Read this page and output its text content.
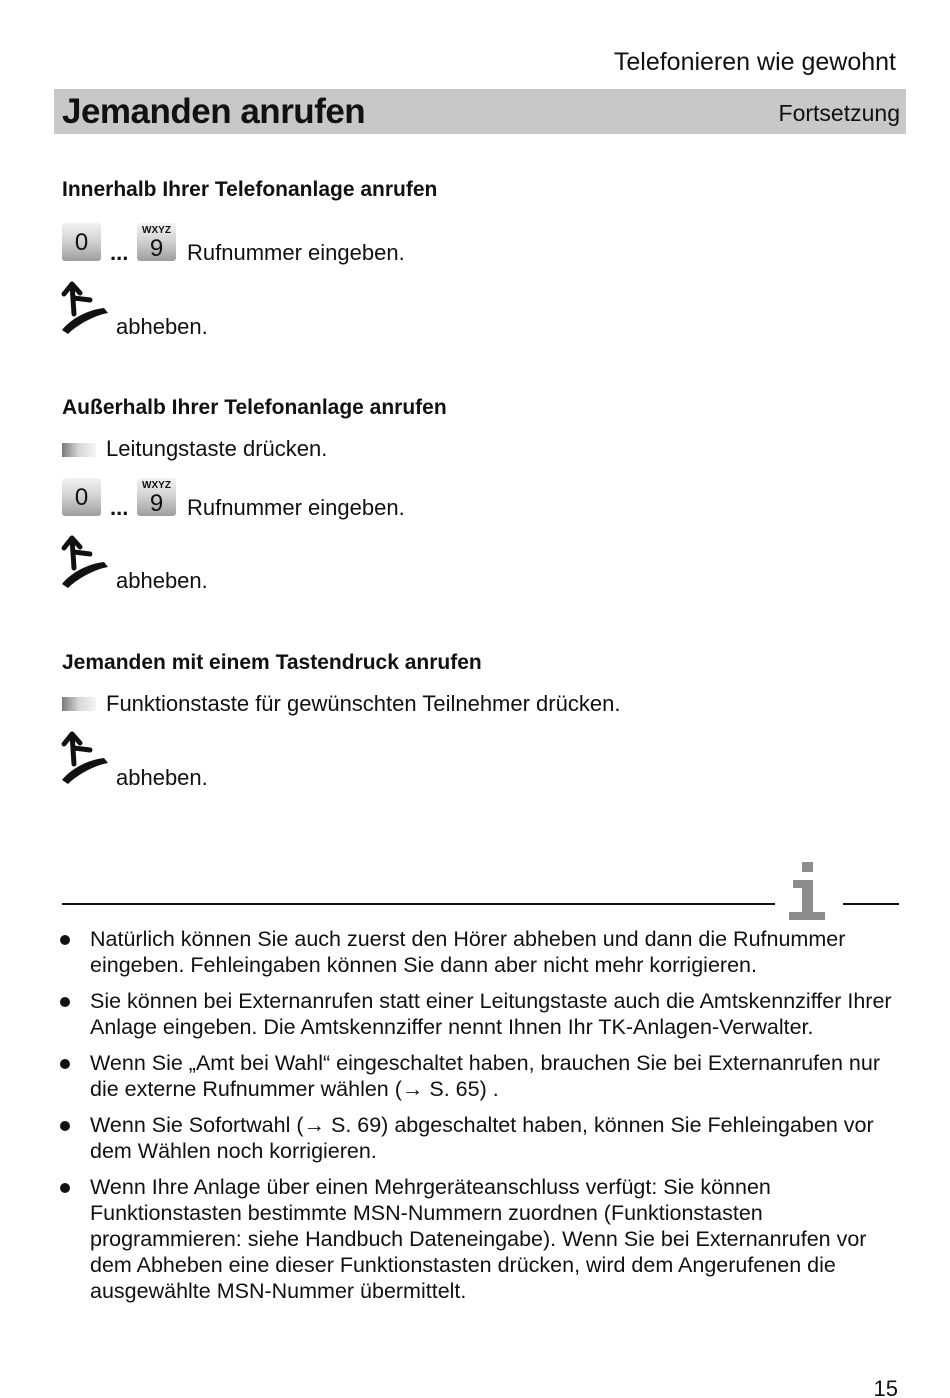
Telefonieren wie gewohnt
Jemanden anrufen	Fortsetzung
Innerhalb Ihrer Telefonanlage anrufen
0 ...
WXYZ
9	Rufnummer eingeben.
abheben.
Außerhalb Ihrer Telefonanlage anrufen
Leitungstaste drücken.
0 ...
WXYZ
9	Rufnummer eingeben.
abheben.
Jemanden mit einem Tastendruck anrufen
Funktionstaste für gewünschten Teilnehmer drücken.
abheben.
Natürlich können Sie auch zuerst den Hörer abheben und dann die Rufnummer eingeben. Fehleingaben können Sie dann aber nicht mehr korrigieren.
Sie können bei Externanrufen statt einer Leitungstaste auch die Amtskennziffer Ihrer Anlage eingeben. Die Amtskennziffer nennt Ihnen Ihr TK-Anlagen-Verwalter.
Wenn Sie „Amt bei Wahl“ eingeschaltet haben, brauchen Sie bei Externanrufen nur die externe Rufnummer wählen (→ S. 65) .
Wenn Sie Sofortwahl (→ S. 69) abgeschaltet haben, können Sie Fehleingaben vor dem Wählen noch korrigieren.
Wenn Ihre Anlage über einen Mehrgeräteanschluss verfügt: Sie können Funktionstasten bestimmte MSN-Nummern zuordnen (Funktionstasten programmieren: siehe Handbuch Dateneingabe). Wenn Sie bei Externanrufen vor dem Abheben eine dieser Funktionstasten drücken, wird dem Angerufenen die ausgewählte MSN-Nummer übermittelt.
15
